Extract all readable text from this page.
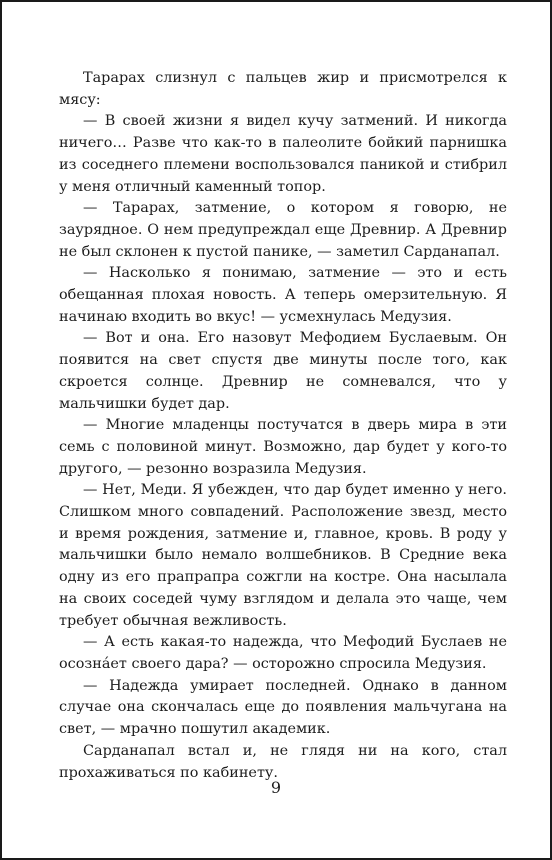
Тарарах слизнул с пальцев жир и присмотрелся к мясу:

— В своей жизни я видел кучу затмений. И никогда ничего… Разве что как-то в палеолите бойкий парнишка из соседнего племени воспользовался паникой и стибрил у меня отличный каменный топор.

— Тарарах, затмение, о котором я говорю, не заурядное. О нем предупреждал еще Древнир. А Древнир не был склонен к пустой панике, — заметил Сарданапал.

— Насколько я понимаю, затмение — это и есть обещанная плохая новость. А теперь омерзительную. Я начинаю входить во вкус! — усмехнулась Медузия.

— Вот и она. Его назовут Мефодием Буслаевым. Он появится на свет спустя две минуты после того, как скроется солнце. Древнир не сомневался, что у мальчишки будет дар.

— Многие младенцы постучатся в дверь мира в эти семь с половиной минут. Возможно, дар будет у кого-то другого, — резонно возразила Медузия.

— Нет, Меди. Я убежден, что дар будет именно у него. Слишком много совпадений. Расположение звезд, место и время рождения, затмение и, главное, кровь. В роду у мальчишки было немало волшебников. В Средние века одну из его прапрапра сожгли на костре. Она насылала на своих соседей чуму взглядом и делала это чаще, чем требует обычная вежливость.

— А есть какая-то надежда, что Мефодий Буслаев не осознáет своего дара? — осторожно спросила Медузия.

— Надежда умирает последней. Однако в данном случае она скончалась еще до появления мальчугана на свет, — мрачно пошутил академик.

Сарданапал встал и, не глядя ни на кого, стал прохаживаться по кабинету.

9
